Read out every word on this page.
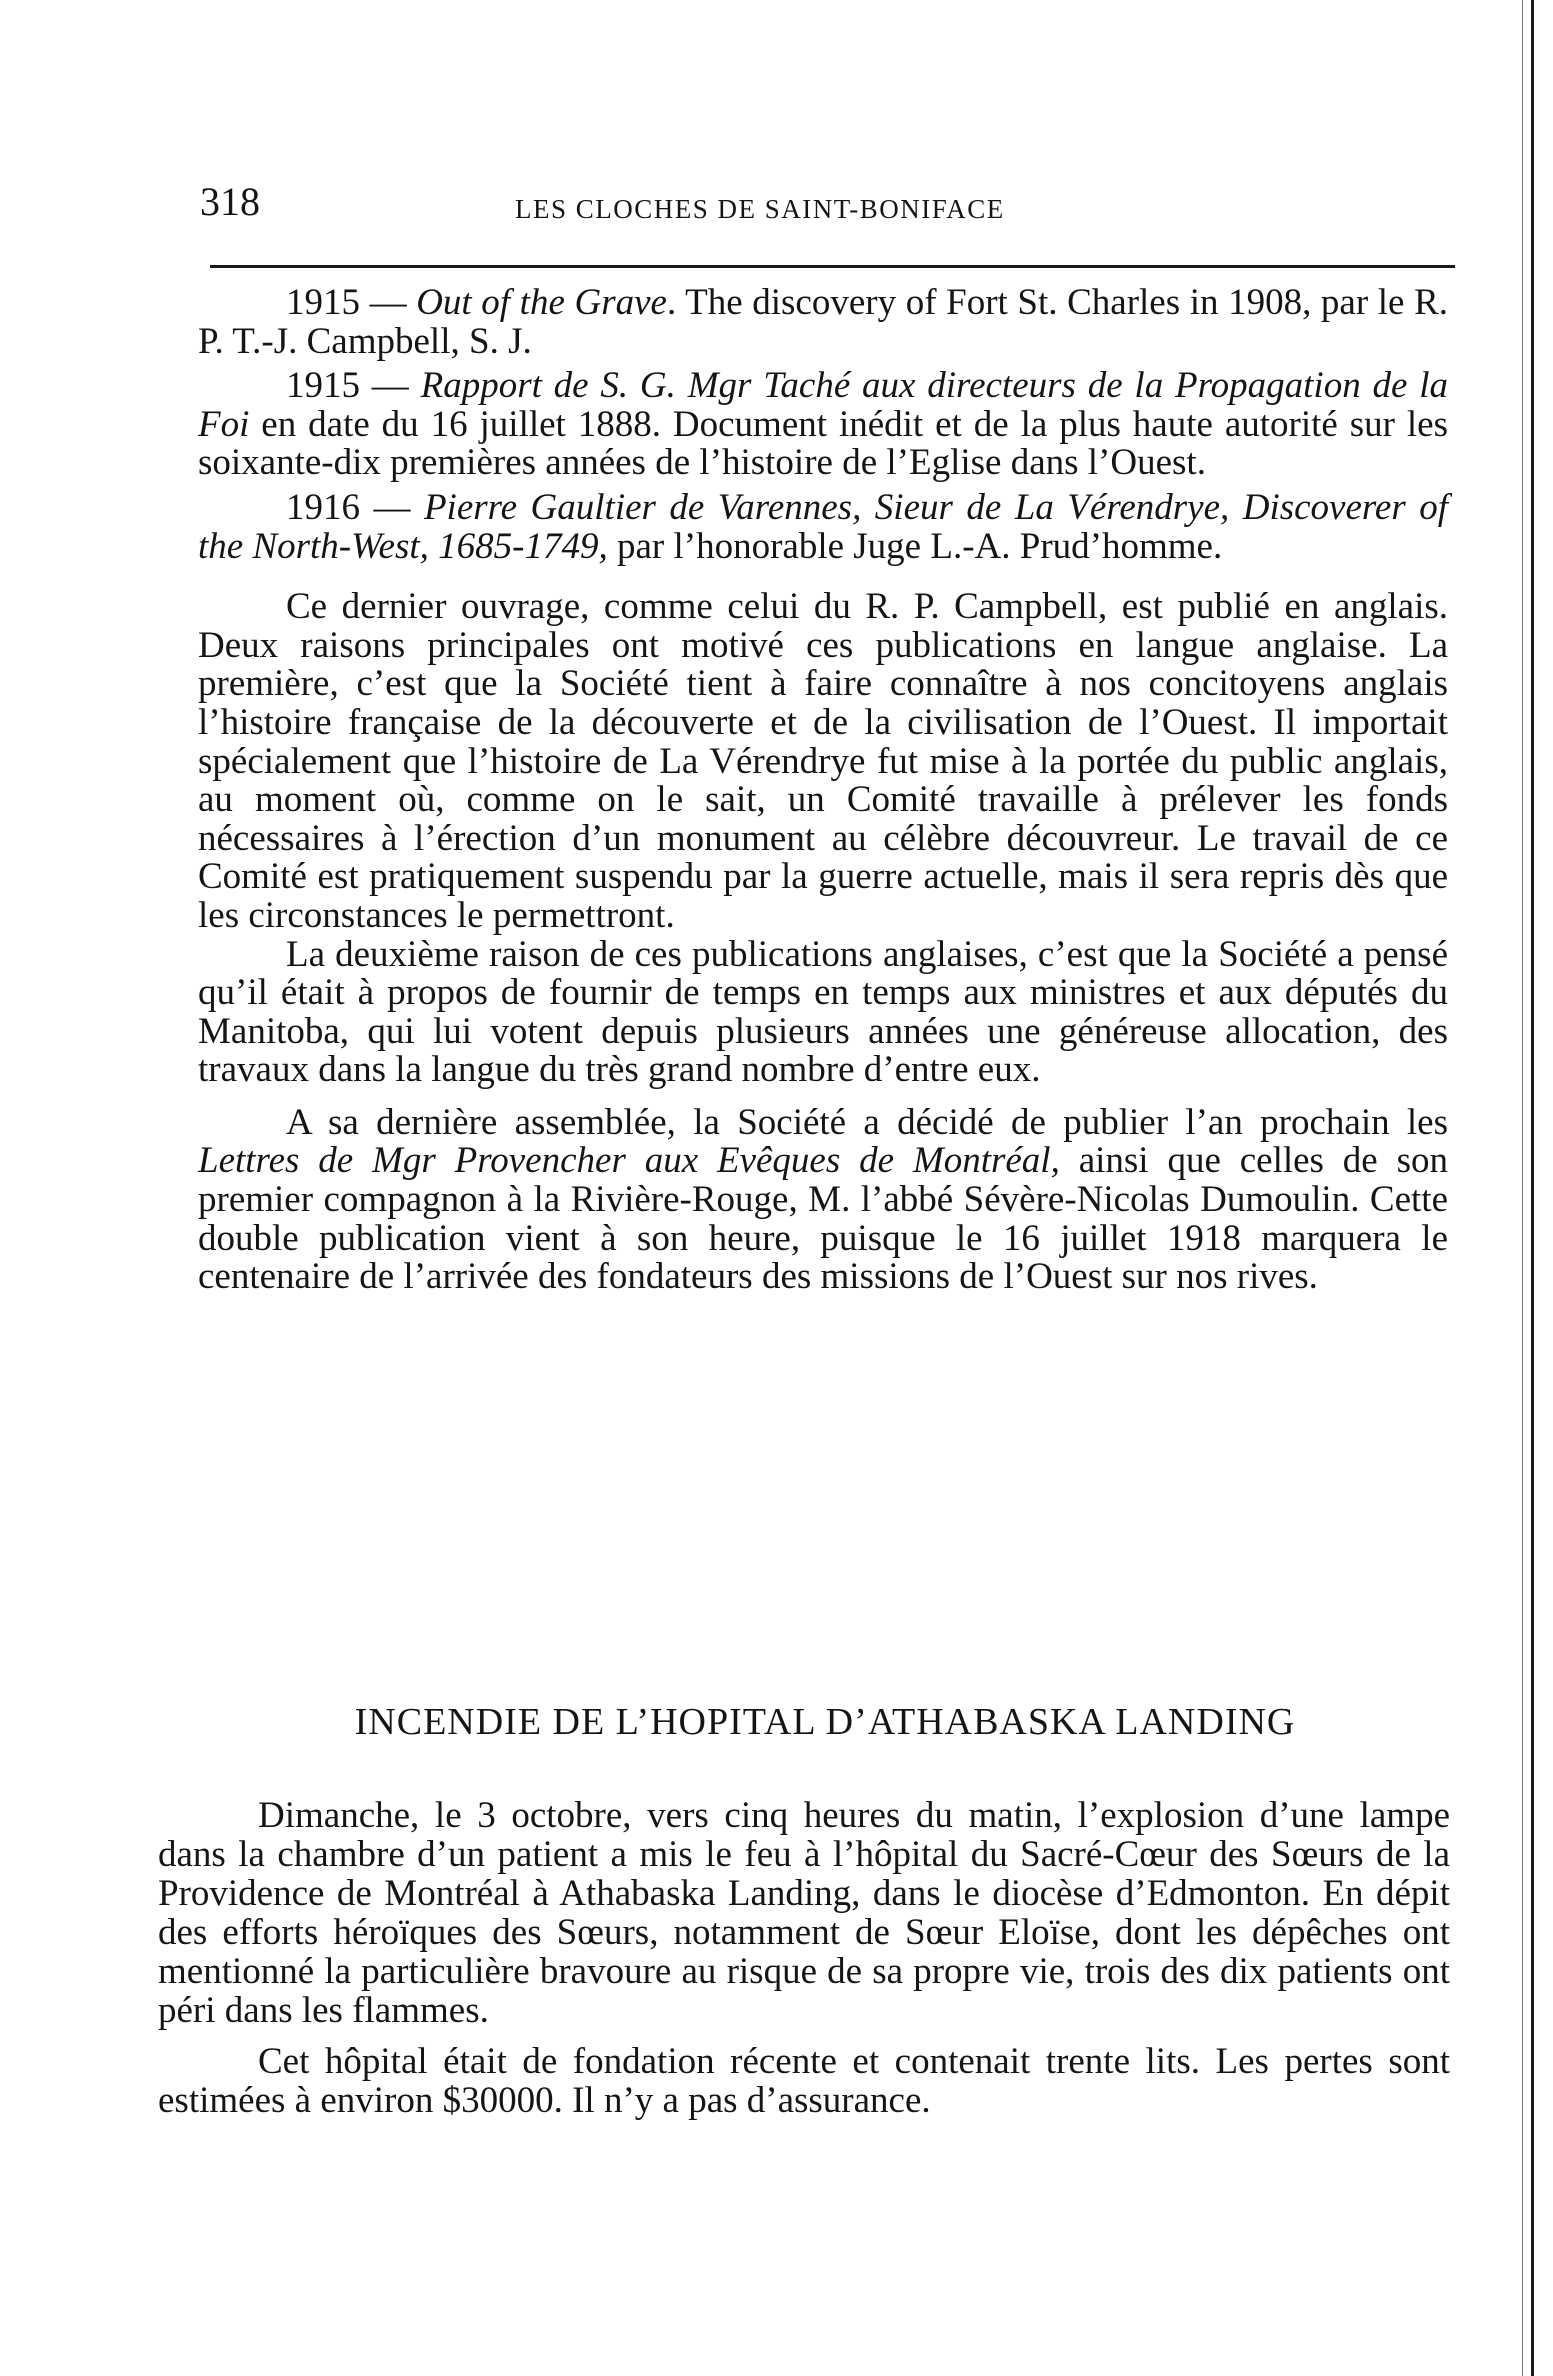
318	LES CLOCHES DE SAINT-BONIFACE

1915 — Out of the Grave. The discovery of Fort St. Charles in 1908, par le R. P. T.-J. Campbell, S. J.

1915 — Rapport de S. G. Mgr Taché aux directeurs de la Propagation de la Foi en date du 16 juillet 1888. Document inédit et de la plus haute autorité sur les soixante-dix premières années de l’histoire de l’Eglise dans l’Ouest.

1916 — Pierre Gaultier de Varennes, Sieur de La Vérendrye, Discoverer of the North-West, 1685-1749, par l’honorable Juge L.-A. Prud’homme.

Ce dernier ouvrage, comme celui du R. P. Campbell, est publié en anglais. Deux raisons principales ont motivé ces publications en langue anglaise. La première, c’est que la Société tient à faire connaître à nos concitoyens anglais l’histoire française de la découverte et de la civilisation de l’Ouest. Il importait spécialement que l’histoire de La Vérendrye fut mise à la portée du public anglais, au moment où, comme on le sait, un Comité travaille à prélever les fonds nécessaires à l’érection d’un monument au célèbre découvreur. Le travail de ce Comité est pratiquement suspendu par la guerre actuelle, mais il sera repris dès que les circonstances le permettront.

La deuxième raison de ces publications anglaises, c’est que la Société a pensé qu’il était à propos de fournir de temps en temps aux ministres et aux députés du Manitoba, qui lui votent depuis plusieurs années une généreuse allocation, des travaux dans la langue du très grand nombre d’entre eux.

A sa dernière assemblée, la Société a décidé de publier l’an prochain les Lettres de Mgr Provencher aux Evêques de Montréal, ainsi que celles de son premier compagnon à la Rivière-Rouge, M. l’abbé Sévère-Nicolas Dumoulin. Cette double publication vient à son heure, puisque le 16 juillet 1918 marquera le centenaire de l’arrivée des fondateurs des missions de l’Ouest sur nos rives.

INCENDIE DE L’HOPITAL D’ATHABASKA LANDING

Dimanche, le 3 octobre, vers cinq heures du matin, l’explosion d’une lampe dans la chambre d’un patient a mis le feu à l’hôpital du Sacré-Cœur des Sœurs de la Providence de Montréal à Athabaska Landing, dans le diocèse d’Edmonton. En dépit des efforts héroïques des Sœurs, notamment de Sœur Eloïse, dont les dépêches ont mentionné la particulière bravoure au risque de sa propre vie, trois des dix patients ont péri dans les flammes.

Cet hôpital était de fondation récente et contenait trente lits. Les pertes sont estimées à environ $30000. Il n’y a pas d’assurance.
